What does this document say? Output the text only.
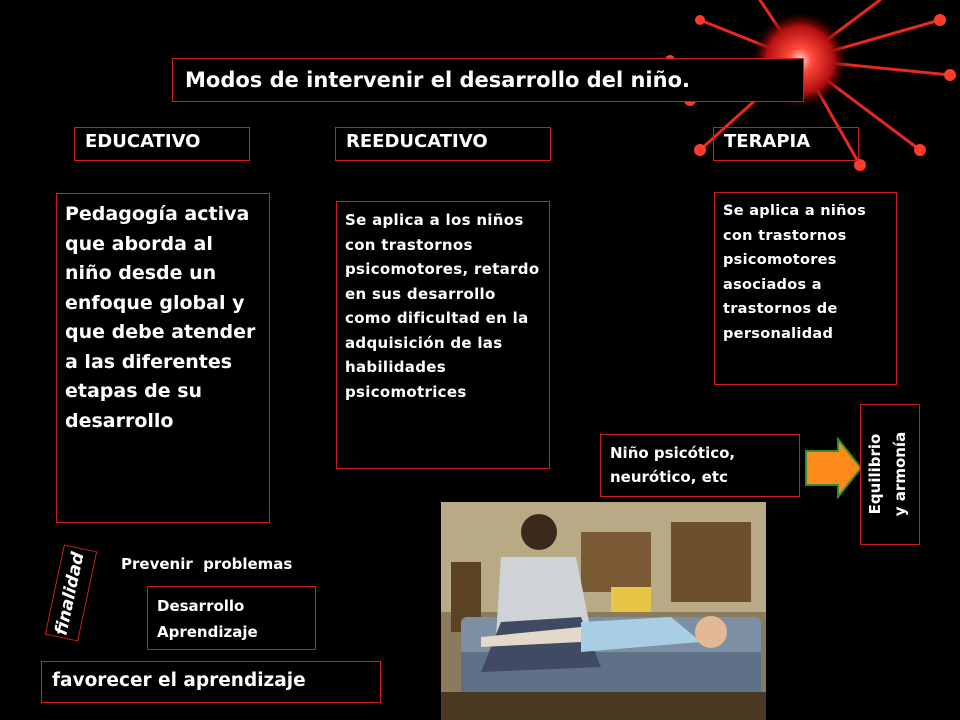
Modos de intervenir el desarrollo del niño.
EDUCATIVO	REEDUCATIVO	TERAPIA
Pedagogía activa que aborda al niño desde un enfoque global y que debe atender a las diferentes etapas de su desarrollo
Se aplica a los niños con trastornos psicomotores, retardo en sus desarrollo como dificultad en la adquisición de las habilidades psicomotrices
Se aplica a niños con trastornos psicomotores asociados a trastornos de personalidad
Niño psicótico,
neurótico, etc	Equilibrio y armonía
finalidad Prevenir  problemas
Desarrollo
Aprendizaje
favorecer el aprendizaje
